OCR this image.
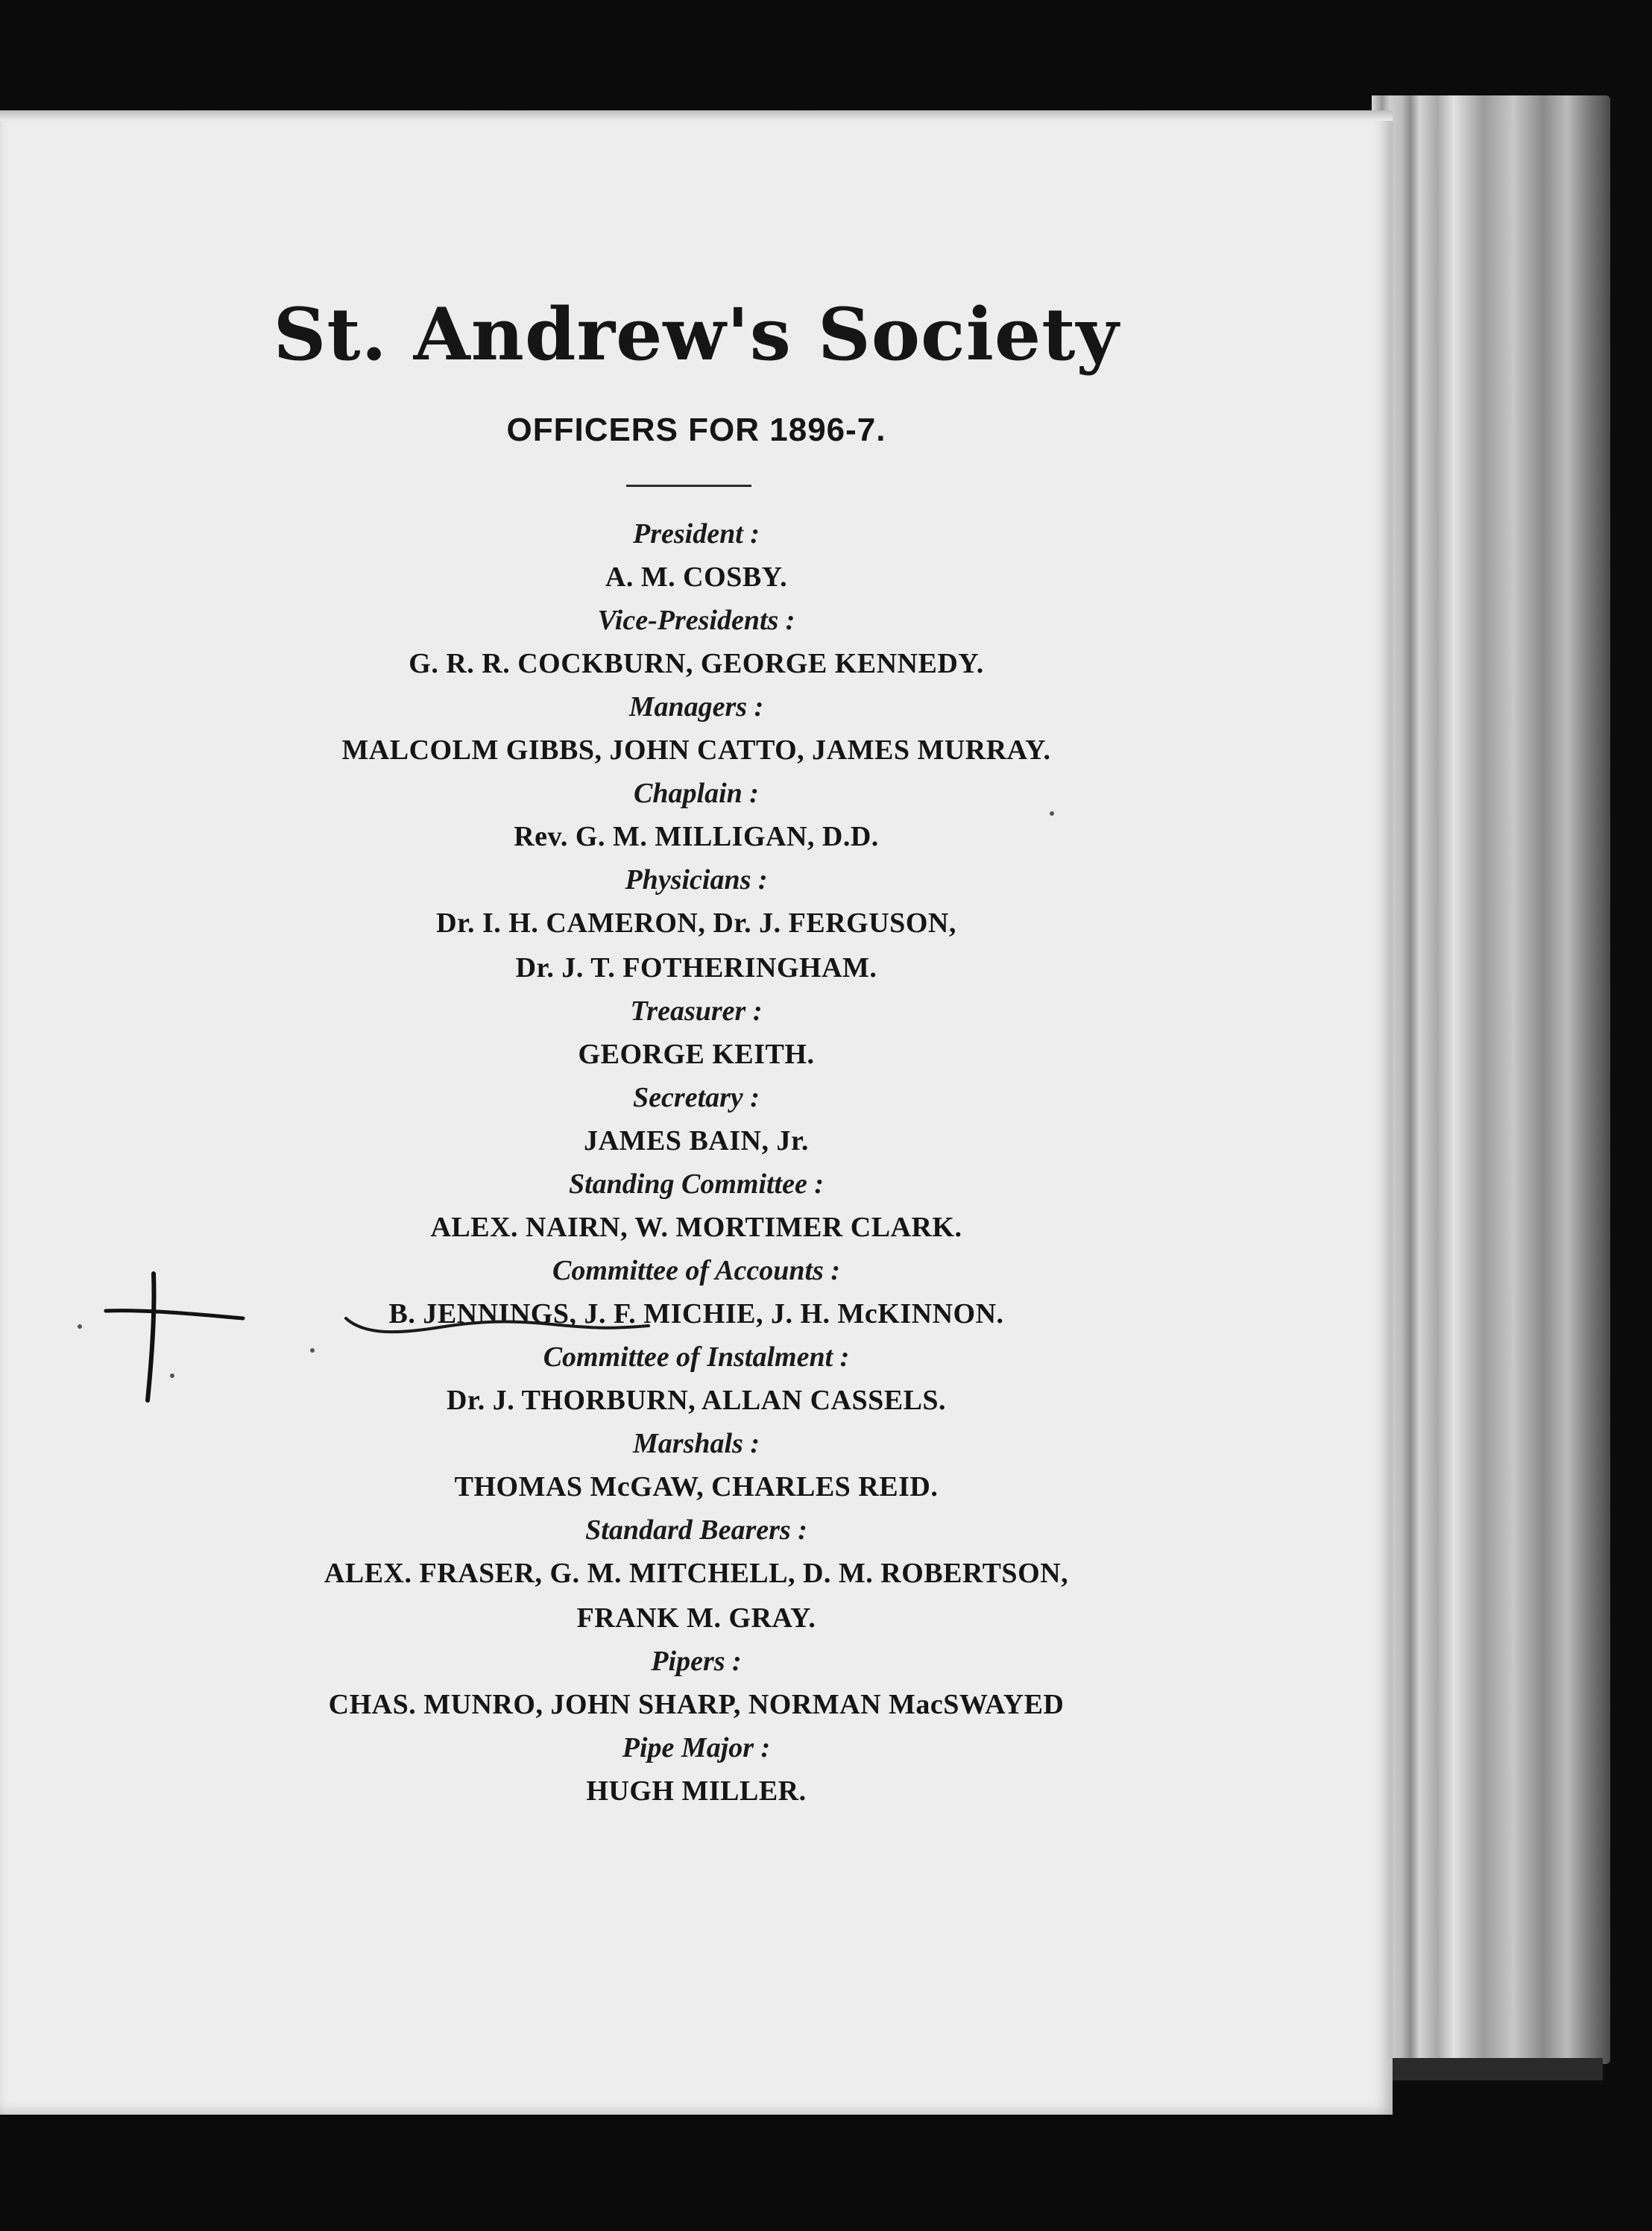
St. Andrew's Society
OFFICERS FOR 1896-7.
President :
A. M. COSBY.
Vice-Presidents :
G. R. R. COCKBURN, GEORGE KENNEDY.
Managers :
MALCOLM GIBBS, JOHN CATTO, JAMES MURRAY.
Chaplain :
Rev. G. M. MILLIGAN, D.D.
Physicians :
Dr. I. H. CAMERON, Dr. J. FERGUSON,
Dr. J. T. FOTHERINGHAM.
Treasurer :
GEORGE KEITH.
Secretary :
JAMES BAIN, Jr.
Standing Committee :
ALEX. NAIRN, W. MORTIMER CLARK.
Committee of Accounts :
B. JENNINGS, J. F. MICHIE, J. H. McKINNON.
Committee of Instalment :
Dr. J. THORBURN, ALLAN CASSELS.
Marshals :
THOMAS McGAW, CHARLES REID.
Standard Bearers :
ALEX. FRASER, G. M. MITCHELL, D. M. ROBERTSON,
FRANK M. GRAY.
Pipers :
CHAS. MUNRO, JOHN SHARP, NORMAN MacSWAYED
Pipe Major :
HUGH MILLER.
